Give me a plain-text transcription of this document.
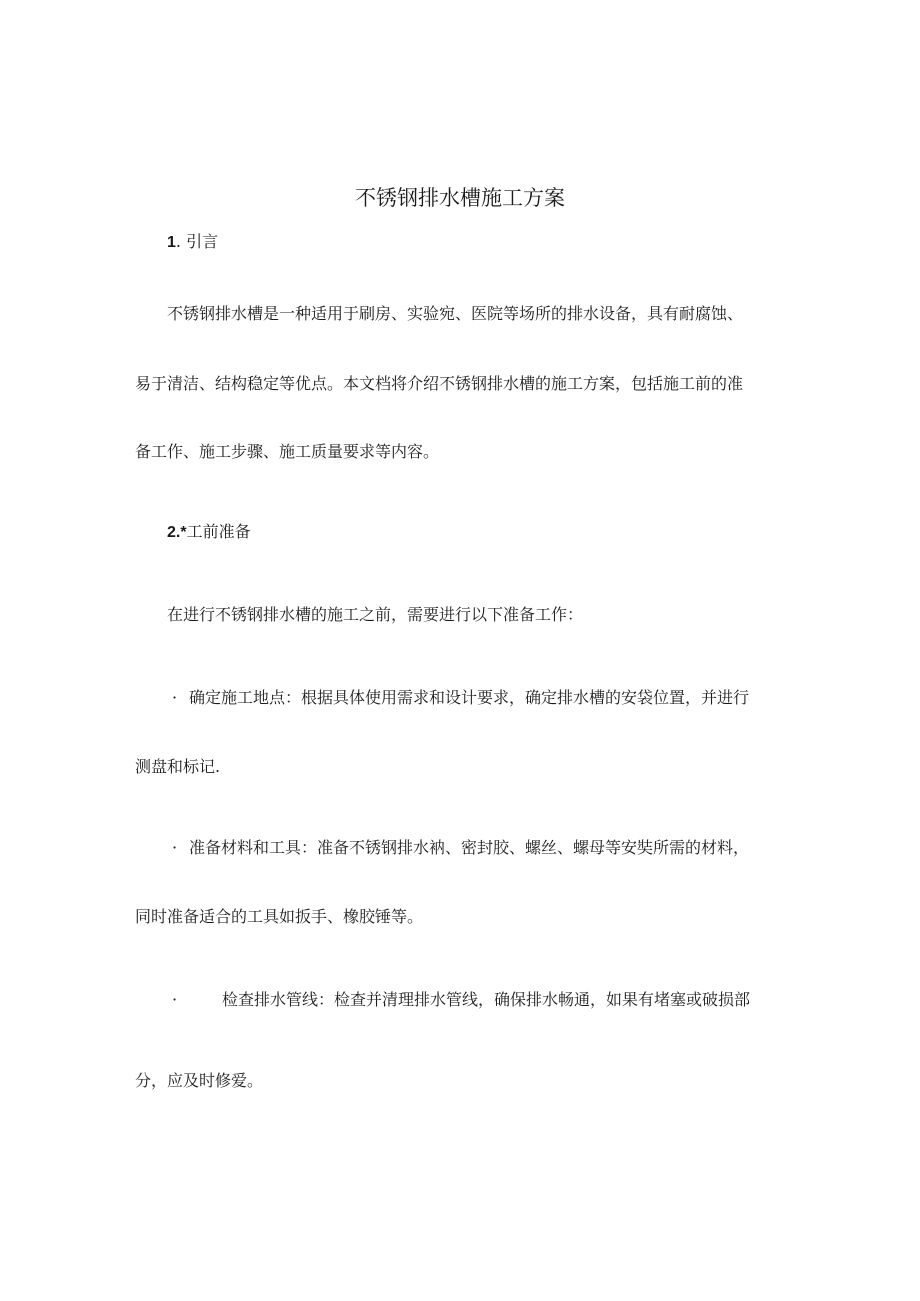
不锈钢排水槽施工方案
1. 引言
不锈钢排水槽是一种适用于刷房、实验宛、医院等场所的排水设备，具有耐腐蚀、
易于清洁、结构稳定等优点。本文档将介绍不锈钢排水槽的施工方案，包括施工前的准
备工作、施工步骤、施工质量要求等内容。
2.*工前准备
在进行不锈钢排水槽的施工之前，需要进行以下准备工作：
· 确定施工地点：根据具体使用需求和设计要求，确定排水槽的安袋位置，并进行
测盘和标记.
· 准备材料和工具：准备不锈钢排水衲、密封胶、螺丝、螺母等安奘所需的材料，
同时准备适合的工具如扳手、橡胶锤等。
·	检查排水管线：检查并清理排水管线，确保排水畅通，如果有堵塞或破损部
分，应及时修爱。
